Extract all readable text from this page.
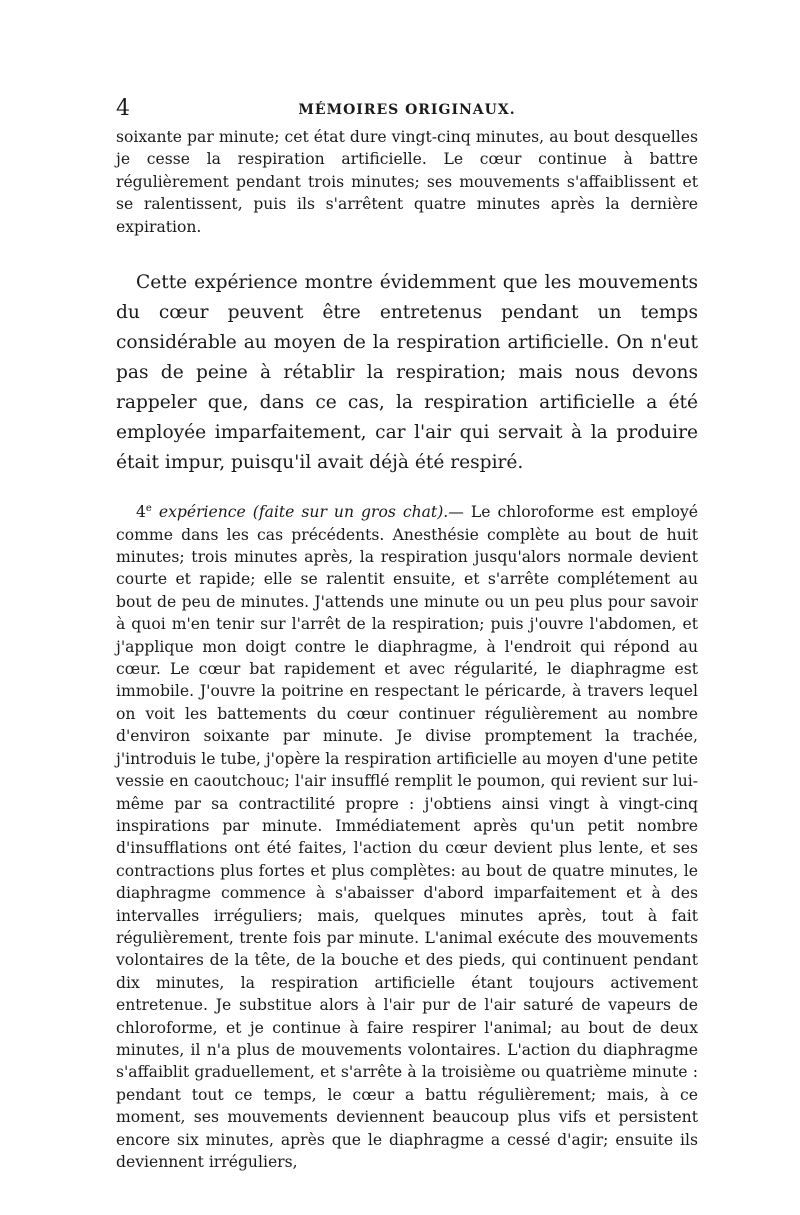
4	MÉMOIRES ORIGINAUX.

soixante par minute; cet état dure vingt-cinq minutes, au bout desquelles je cesse la respiration artificielle. Le cœur continue à battre régulièrement pendant trois minutes; ses mouvements s'affaiblissent et se ralentissent, puis ils s'arrêtent quatre minutes après la dernière expiration.

Cette expérience montre évidemment que les mouvements du cœur peuvent être entretenus pendant un temps considérable au moyen de la respiration artificielle. On n'eut pas de peine à rétablir la respiration; mais nous devons rappeler que, dans ce cas, la respiration artificielle a été employée imparfaitement, car l'air qui servait à la produire était impur, puisqu'il avait déjà été respiré.

4e expérience (faite sur un gros chat).— Le chloroforme est employé comme dans les cas précédents. Anesthésie complète au bout de huit minutes; trois minutes après, la respiration jusqu'alors normale devient courte et rapide; elle se ralentit ensuite, et s'arrête complétement au bout de peu de minutes. J'attends une minute ou un peu plus pour savoir à quoi m'en tenir sur l'arrêt de la respiration; puis j'ouvre l'abdomen, et j'applique mon doigt contre le diaphragme, à l'endroit qui répond au cœur. Le cœur bat rapidement et avec régularité, le diaphragme est immobile. J'ouvre la poitrine en respectant le péricarde, à travers lequel on voit les battements du cœur continuer régulièrement au nombre d'environ soixante par minute. Je divise promptement la trachée, j'introduis le tube, j'opère la respiration artificielle au moyen d'une petite vessie en caoutchouc; l'air insufflé remplit le poumon, qui revient sur lui-même par sa contractilité propre : j'obtiens ainsi vingt à vingt-cinq inspirations par minute. Immédiatement après qu'un petit nombre d'insufflations ont été faites, l'action du cœur devient plus lente, et ses contractions plus fortes et plus complètes: au bout de quatre minutes, le diaphragme commence à s'abaisser d'abord imparfaitement et à des intervalles irréguliers; mais, quelques minutes après, tout à fait régulièrement, trente fois par minute. L'animal exécute des mouvements volontaires de la tête, de la bouche et des pieds, qui continuent pendant dix minutes, la respiration artificielle étant toujours activement entretenue. Je substitue alors à l'air pur de l'air saturé de vapeurs de chloroforme, et je continue à faire respirer l'animal; au bout de deux minutes, il n'a plus de mouvements volontaires. L'action du diaphragme s'affaiblit graduellement, et s'arrête à la troisième ou quatrième minute : pendant tout ce temps, le cœur a battu régulièrement; mais, à ce moment, ses mouvements deviennent beaucoup plus vifs et persistent encore six minutes, après que le diaphragme a cessé d'agir; ensuite ils deviennent irréguliers,
